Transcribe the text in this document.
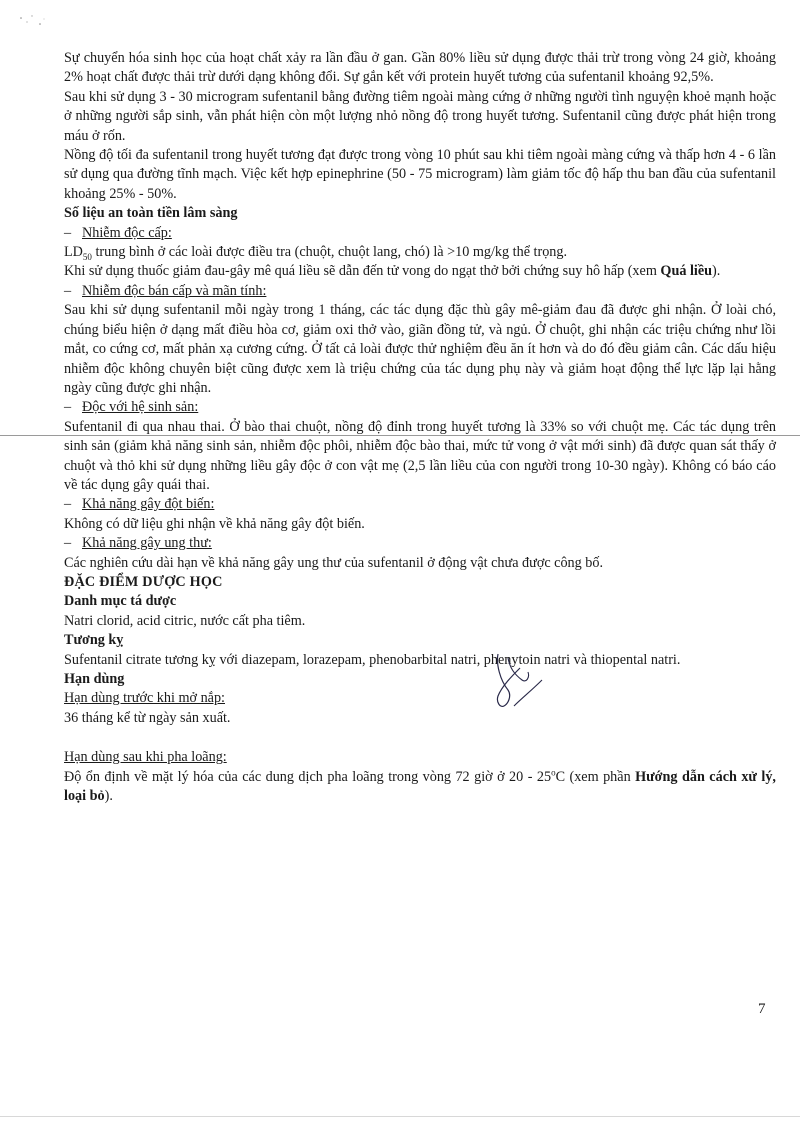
Sự chuyển hóa sinh học của hoạt chất xảy ra lần đầu ở gan. Gần 80% liều sử dụng được thải trừ trong vòng 24 giờ, khoảng 2% hoạt chất được thải trừ dưới dạng không đổi. Sự gắn kết với protein huyết tương của sufentanil khoảng 92,5%.

Sau khi sử dụng 3 - 30 microgram sufentanil bằng đường tiêm ngoài màng cứng ở những người tình nguyện khoẻ mạnh hoặc ở những người sắp sinh, vẫn phát hiện còn một lượng nhỏ nồng độ trong huyết tương. Sufentanil cũng được phát hiện trong máu ở rốn.

Nồng độ tối đa sufentanil trong huyết tương đạt được trong vòng 10 phút sau khi tiêm ngoài màng cứng và thấp hơn 4 - 6 lần sử dụng qua đường tĩnh mạch. Việc kết hợp epinephrine (50 - 75 microgram) làm giảm tốc độ hấp thu ban đầu của sufentanil khoảng 25% - 50%.

Số liệu an toàn tiền lâm sàng

– Nhiễm độc cấp:

$LD_{50}$ trung bình ở các loài được điều tra (chuột, chuột lang, chó) là >10 mg/kg thể trọng.

Khi sử dụng thuốc giảm đau-gây mê quá liều sẽ dẫn đến tử vong do ngạt thở bởi chứng suy hô hấp (xem Quá liều).

– Nhiễm độc bán cấp và mãn tính:

Sau khi sử dụng sufentanil mỗi ngày trong 1 tháng, các tác dụng đặc thù gây mê-giảm đau đã được ghi nhận. Ở loài chó, chúng biểu hiện ở dạng mất điều hòa cơ, giảm oxi thở vào, giãn đồng tử, và ngủ. Ở chuột, ghi nhận các triệu chứng như lồi mắt, co cứng cơ, mất phản xạ cương cứng. Ở tất cả loài được thử nghiệm đều ăn ít hơn và do đó đều giảm cân. Các dấu hiệu nhiễm độc không chuyên biệt cũng được xem là triệu chứng của tác dụng phụ này và giảm hoạt động thể lực lặp lại hằng ngày cũng được ghi nhận.

– Độc với hệ sinh sản:

Sufentanil đi qua nhau thai. Ở bào thai chuột, nồng độ đỉnh trong huyết tương là 33% so với chuột mẹ. Các tác dụng trên sinh sản (giảm khả năng sinh sản, nhiễm độc phôi, nhiễm độc bào thai, mức tử vong ở vật mới sinh) đã được quan sát thấy ở chuột và thỏ khi sử dụng những liều gây độc ở con vật mẹ (2,5 lần liều của con người trong 10-30 ngày). Không có báo cáo về tác dụng gây quái thai.

– Khả năng gây đột biến:

Không có dữ liệu ghi nhận về khả năng gây đột biến.

– Khả năng gây ung thư:

Các nghiên cứu dài hạn về khả năng gây ung thư của sufentanil ở động vật chưa được công bố.

ĐẶC ĐIỂM DƯỢC HỌC

Danh mục tá dược

Natri clorid, acid citric, nước cất pha tiêm.

Tương kỵ

Sufentanil citrate tương kỵ với diazepam, lorazepam, phenobarbital natri, phenytoin natri và thiopental natri.

Hạn dùng

Hạn dùng trước khi mở nắp:

36 tháng kể từ ngày sản xuất.

Hạn dùng sau khi pha loãng:

Độ ổn định về mặt lý hóa của các dung dịch pha loãng trong vòng 72 giờ ở 20 - 25$^o$C (xem phần Hướng dẫn cách xử lý, loại bỏ).

7
